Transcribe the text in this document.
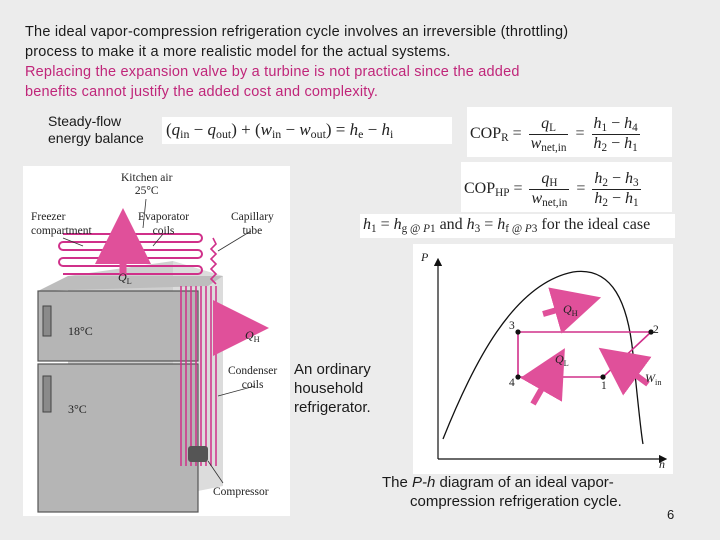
The ideal vapor-compression refrigeration cycle involves an irreversible (throttling)
process to make it a more realistic model for the actual systems.
Replacing the expansion valve by a turbine is not practical since the added
benefits cannot justify the added cost and complexity.
Steady-flow
energy balance $(q_{in} - q_{out}) + (w_{in} - w_{out}) = h_e - h_i$	$COP_R = \frac{q_L}{w_{net,in}} = \frac{h_1 - h_4}{h_2 - h_1}$
$COP_{HP} = \frac{q_H}{w_{net,in}} = \frac{h_2 - h_3}{h_2 - h_1}$
$h_1 = h_{g @ P1}$ and $h_3 = h_{f @ P3}$ for the ideal case
Kitchen air
25°C
Freezer
compartment
Evaporator
coils
Capillary
tube
$Q_L$
$Q_H$
18°C
3°C
Condenser
coils
Compressor
An ordinary
household
refrigerator.
P
h
1
2
3
4
$Q_H$
$Q_L$
$W_{in}$
The P-h diagram of an ideal vapor-
compression refrigeration cycle.
6
